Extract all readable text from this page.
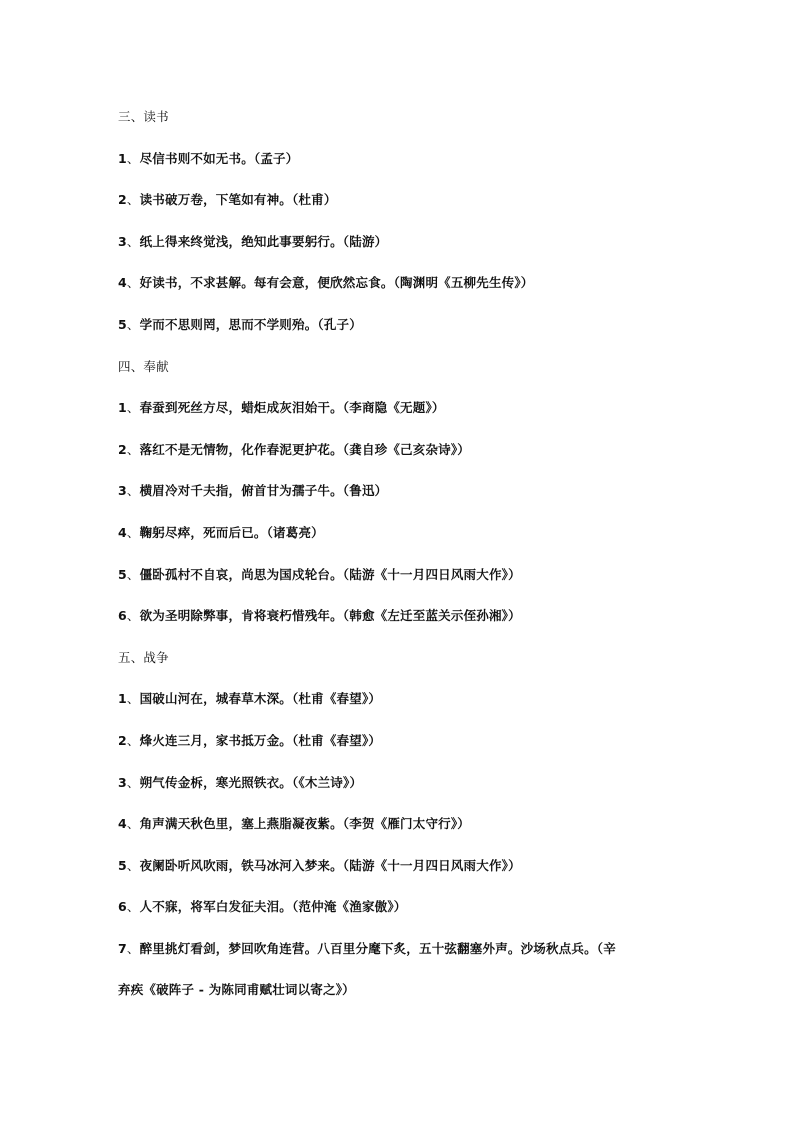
三、读书
1、尽信书则不如无书。（孟子）
2、读书破万卷，下笔如有神。（杜甫）
3、纸上得来终觉浅，绝知此事要躬行。（陆游）
4、好读书，不求甚解。每有会意，便欣然忘食。（陶渊明《五柳先生传》）
5、学而不思则罔，思而不学则殆。（孔子）
四、奉献
1、春蚕到死丝方尽，蜡炬成灰泪始干。（李商隐《无题》）
2、落红不是无情物，化作春泥更护花。（龚自珍《己亥杂诗》）
3、横眉冷对千夫指，俯首甘为孺子牛。（鲁迅）
4、鞠躬尽瘁，死而后已。（诸葛亮）
5、僵卧孤村不自哀，尚思为国戍轮台。（陆游《十一月四日风雨大作》）
6、欲为圣明除弊事，肯将衰朽惜残年。（韩愈《左迁至蓝关示侄孙湘》）
五、战争
1、国破山河在，城春草木深。（杜甫《春望》）
2、烽火连三月，家书抵万金。（杜甫《春望》）
3、朔气传金柝，寒光照铁衣。（《木兰诗》）
4、角声满天秋色里，塞上燕脂凝夜紫。（李贺《雁门太守行》）
5、夜阑卧听风吹雨，铁马冰河入梦来。（陆游《十一月四日风雨大作》）
6、人不寐，将军白发征夫泪。（范仲淹《渔家傲》）
7、醉里挑灯看剑，梦回吹角连营。八百里分麾下炙，五十弦翻塞外声。沙场秋点兵。（辛
弃疾《破阵子 - 为陈同甫赋壮词以寄之》）
